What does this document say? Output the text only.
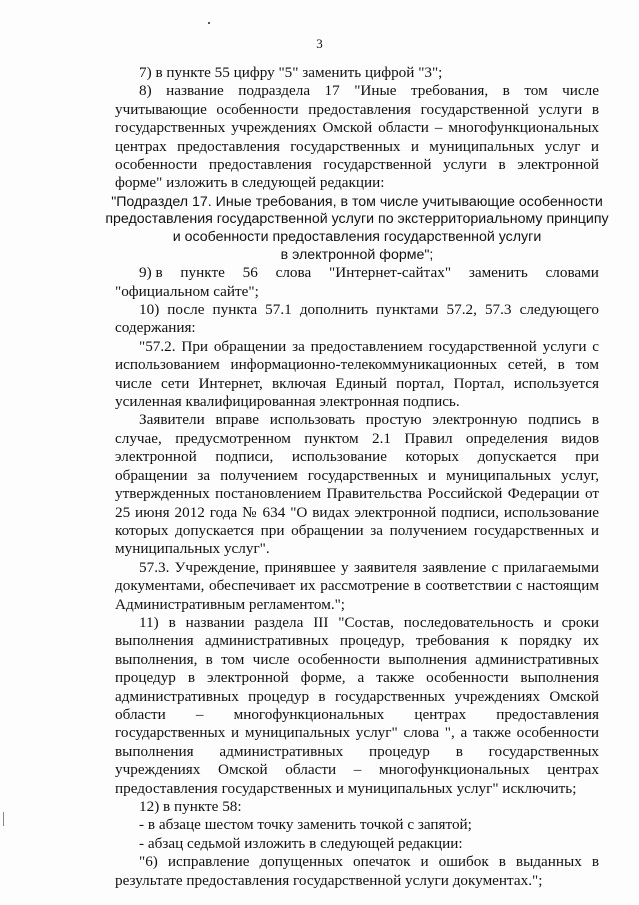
3

7) в пункте 55 цифру "5" заменить цифрой "3";

8) название подраздела 17 "Иные требования, в том числе учитывающие особенности предоставления государственной услуги в государственных учреждениях Омской области – многофункциональных центрах предоставления государственных и муниципальных услуг и особенности предоставления государственной услуги в электронной форме" изложить в следующей редакции:

"Подраздел 17. Иные требования, в том числе учитывающие особенности

предоставления государственной услуги по экстерриториальному принципу

и особенности предоставления государственной услуги

в электронной форме";

9) в пункте 56 слова "Интернет-сайтах" заменить словами

"официальном сайте";

10) после пункта 57.1 дополнить пунктами 57.2, 57.3 следующего содержания:

"57.2. При обращении за предоставлением государственной услуги с использованием информационно-телекоммуникационных сетей, в том числе сети Интернет, включая Единый портал, Портал, используется усиленная квалифицированная электронная подпись.

Заявители вправе использовать простую электронную подпись в случае, предусмотренном пунктом 2.1 Правил определения видов электронной подписи, использование которых допускается при обращении за получением государственных и муниципальных услуг, утвержденных постановлением Правительства Российской Федерации от 25 июня 2012 года № 634 "О видах электронной подписи, использование которых допускается при обращении за получением государственных и муниципальных услуг".

57.3. Учреждение, принявшее у заявителя заявление с прилагаемыми документами, обеспечивает их рассмотрение в соответствии с настоящим Административным регламентом.";

11) в названии раздела III "Состав, последовательность и сроки выполнения административных процедур, требования к порядку их выполнения, в том числе особенности выполнения административных процедур в электронной форме, а также особенности выполнения административных процедур в государственных учреждениях Омской области – многофункциональных центрах предоставления государственных и муниципальных услуг" слова ", а также особенности выполнения административных процедур в государственных учреждениях Омской области – многофункциональных центрах предоставления государственных и муниципальных услуг" исключить;

12) в пункте 58:

- в абзаце шестом точку заменить точкой с запятой;

- абзац седьмой изложить в следующей редакции:

"6) исправление допущенных опечаток и ошибок в выданных в результате предоставления государственной услуги документах.";
